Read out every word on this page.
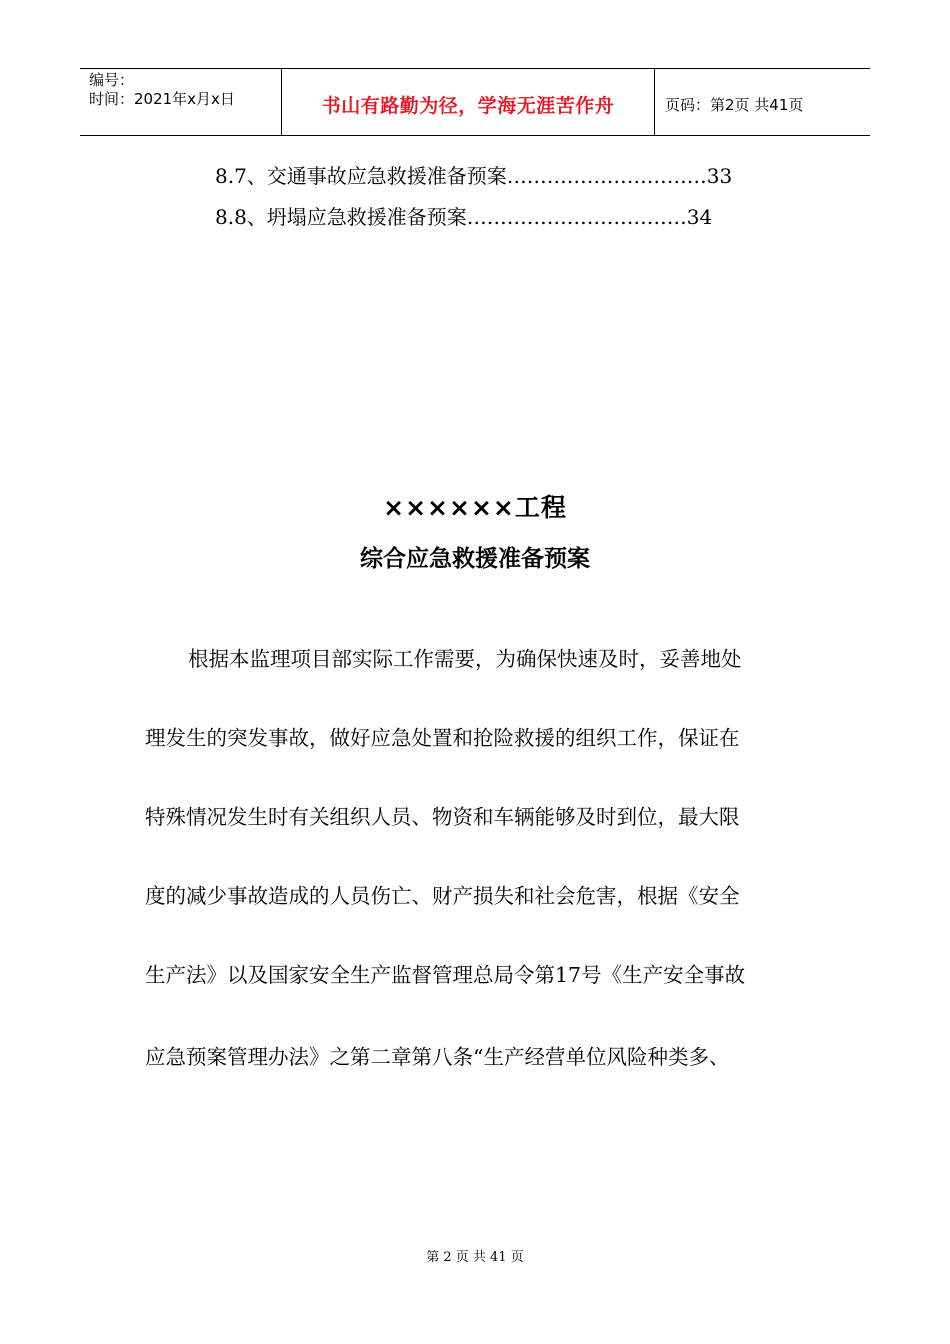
编号：
时间：2021年x月x日	书山有路勤为径，学海无涯苦作舟	页码：第2页 共41页
8.7、交通事故应急救援准备预案…………………………33
8.8、坍塌应急救援准备预案……………………………34
××××××工程
综合应急救援准备预案
根据本监理项目部实际工作需要，为确保快速及时，妥善地处
理发生的突发事故，做好应急处置和抢险救援的组织工作，保证在
特殊情况发生时有关组织人员、物资和车辆能够及时到位，最大限
度的减少事故造成的人员伤亡、财产损失和社会危害，根据《安全
生产法》以及国家安全生产监督管理总局令第17号《生产安全事故
应急预案管理办法》之第二章第八条“生产经营单位风险种类多、
第 2 页 共 41 页
